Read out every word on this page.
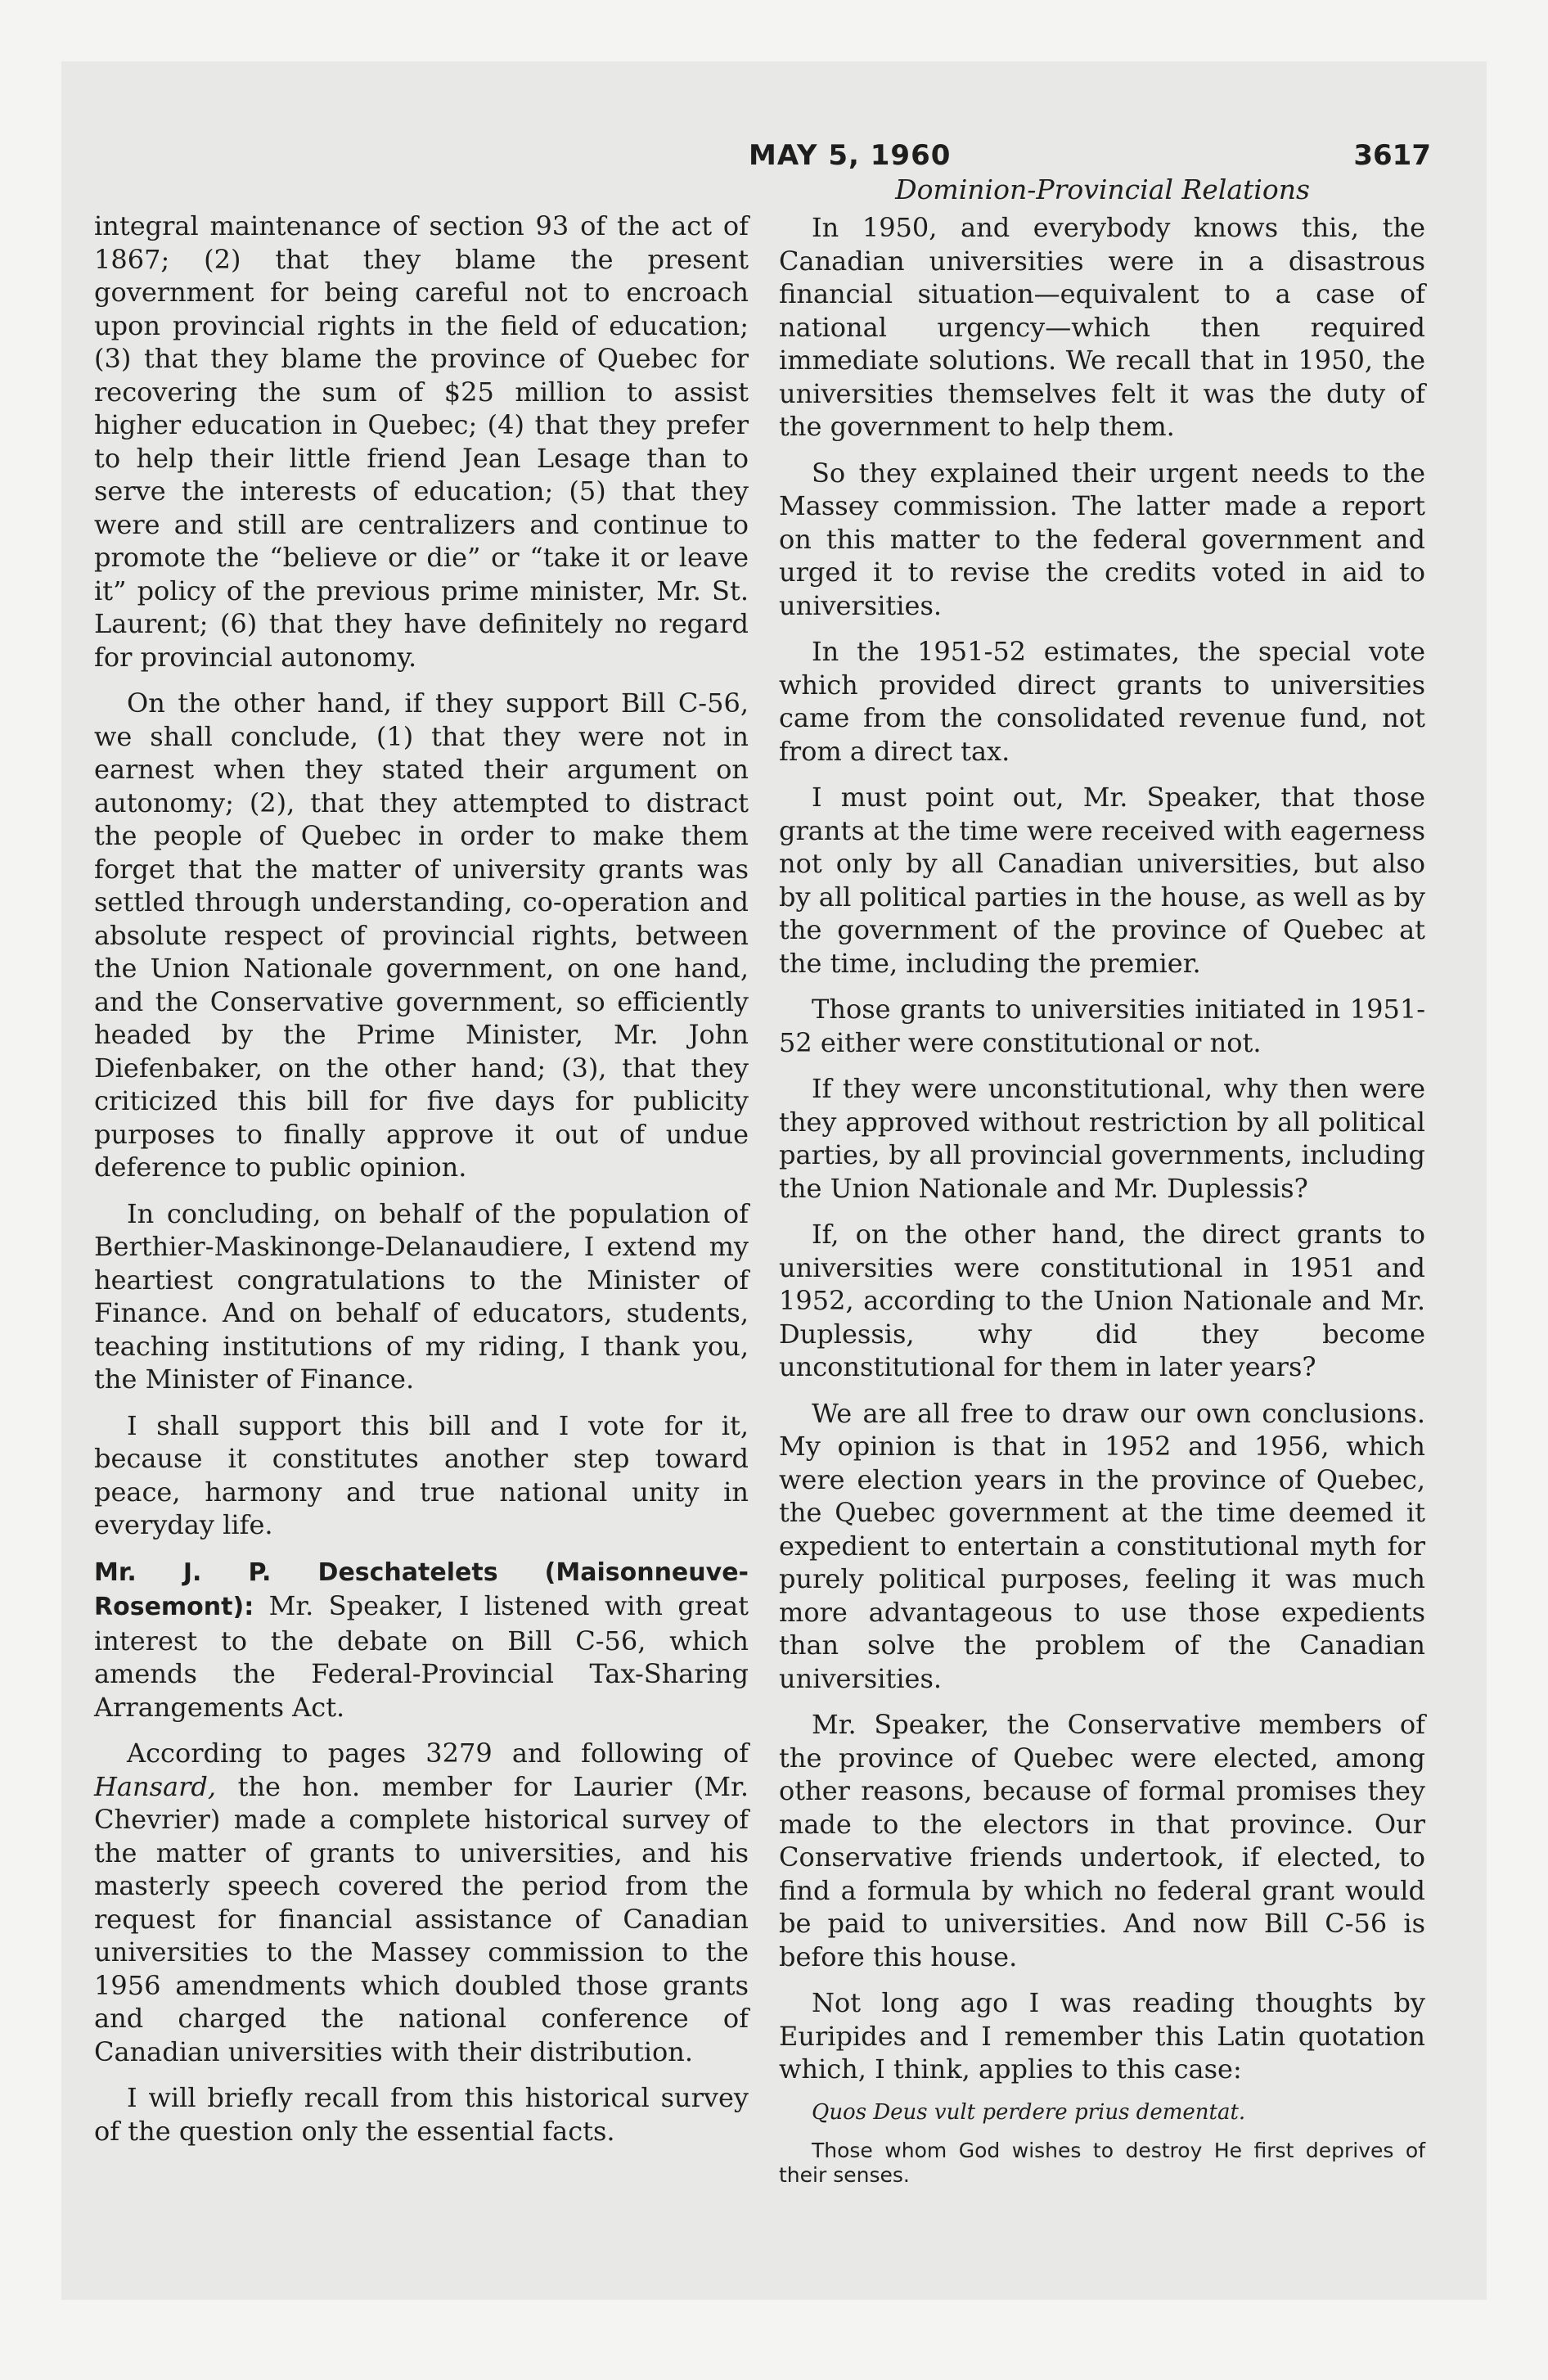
MAY 5, 1960	3617
Dominion-Provincial Relations

integral maintenance of section 93 of the act of 1867; (2) that they blame the present government for being careful not to encroach upon provincial rights in the field of education; (3) that they blame the province of Quebec for recovering the sum of $25 million to assist higher education in Quebec; (4) that they prefer to help their little friend Jean Lesage than to serve the interests of education; (5) that they were and still are centralizers and continue to promote the “believe or die” or “take it or leave it” policy of the previous prime minister, Mr. St. Laurent; (6) that they have definitely no regard for provincial autonomy.

On the other hand, if they support Bill C-56, we shall conclude, (1) that they were not in earnest when they stated their argument on autonomy; (2), that they attempted to distract the people of Quebec in order to make them forget that the matter of university grants was settled through understanding, co-operation and absolute respect of provincial rights, between the Union Nationale government, on one hand, and the Conservative government, so efficiently headed by the Prime Minister, Mr. John Diefenbaker, on the other hand; (3), that they criticized this bill for five days for publicity purposes to finally approve it out of undue deference to public opinion.

In concluding, on behalf of the population of Berthier-Maskinonge-Delanaudiere, I extend my heartiest congratulations to the Minister of Finance. And on behalf of educators, students, teaching institutions of my riding, I thank you, the Minister of Finance.

I shall support this bill and I vote for it, because it constitutes another step toward peace, harmony and true national unity in everyday life.

Mr. J. P. Deschatelets (Maisonneuve-Rosemont): Mr. Speaker, I listened with great interest to the debate on Bill C-56, which amends the Federal-Provincial Tax-Sharing Arrangements Act.

According to pages 3279 and following of Hansard, the hon. member for Laurier (Mr. Chevrier) made a complete historical survey of the matter of grants to universities, and his masterly speech covered the period from the request for financial assistance of Canadian universities to the Massey commission to the 1956 amendments which doubled those grants and charged the national conference of Canadian universities with their distribution.

I will briefly recall from this historical survey of the question only the essential facts.

In 1950, and everybody knows this, the Canadian universities were in a disastrous financial situation—equivalent to a case of national urgency—which then required immediate solutions. We recall that in 1950, the universities themselves felt it was the duty of the government to help them.

So they explained their urgent needs to the Massey commission. The latter made a report on this matter to the federal government and urged it to revise the credits voted in aid to universities.

In the 1951-52 estimates, the special vote which provided direct grants to universities came from the consolidated revenue fund, not from a direct tax.

I must point out, Mr. Speaker, that those grants at the time were received with eagerness not only by all Canadian universities, but also by all political parties in the house, as well as by the government of the province of Quebec at the time, including the premier.

Those grants to universities initiated in 1951-52 either were constitutional or not.

If they were unconstitutional, why then were they approved without restriction by all political parties, by all provincial governments, including the Union Nationale and Mr. Duplessis?

If, on the other hand, the direct grants to universities were constitutional in 1951 and 1952, according to the Union Nationale and Mr. Duplessis, why did they become unconstitutional for them in later years?

We are all free to draw our own conclusions. My opinion is that in 1952 and 1956, which were election years in the province of Quebec, the Quebec government at the time deemed it expedient to entertain a constitutional myth for purely political purposes, feeling it was much more advantageous to use those expedients than solve the problem of the Canadian universities.

Mr. Speaker, the Conservative members of the province of Quebec were elected, among other reasons, because of formal promises they made to the electors in that province. Our Conservative friends undertook, if elected, to find a formula by which no federal grant would be paid to universities. And now Bill C-56 is before this house.

Not long ago I was reading thoughts by Euripides and I remember this Latin quotation which, I think, applies to this case:

Quos Deus vult perdere prius dementat.

Those whom God wishes to destroy He first deprives of their senses.
